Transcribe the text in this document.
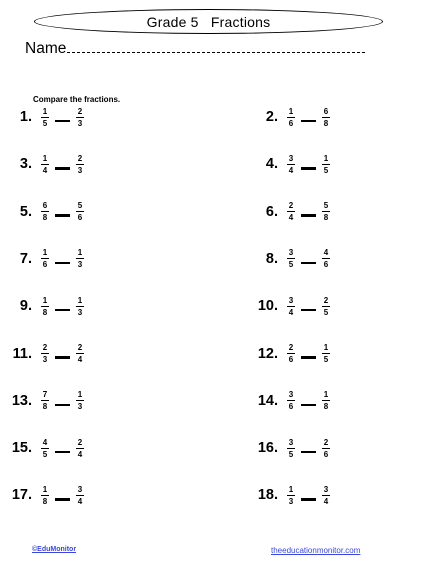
Grade 5   Fractions
Name
Compare the fractions.
1. $\frac{1}{5}$	$\frac{2}{3}$	2. $\frac{1}{6}$	$\frac{6}{8}$
3. $\frac{1}{4}$	$\frac{2}{3}$	4. $\frac{3}{4}$	$\frac{1}{5}$
5. $\frac{6}{8}$	$\frac{5}{6}$	6. $\frac{2}{4}$	$\frac{5}{8}$
7. $\frac{1}{6}$	$\frac{1}{3}$	8. $\frac{3}{5}$	$\frac{4}{6}$
9. $\frac{1}{8}$	$\frac{1}{3}$	10. $\frac{3}{4}$	$\frac{2}{5}$
11. $\frac{2}{3}$	$\frac{2}{4}$	12. $\frac{2}{6}$	$\frac{1}{5}$
13. $\frac{7}{8}$	$\frac{1}{3}$	14. $\frac{3}{6}$	$\frac{1}{8}$
15. $\frac{4}{5}$	$\frac{2}{4}$	16. $\frac{3}{5}$	$\frac{2}{6}$
17. $\frac{1}{8}$	$\frac{3}{4}$	18. $\frac{1}{3}$	$\frac{3}{4}$
©EduMonitor	theeducationmonitor.com
